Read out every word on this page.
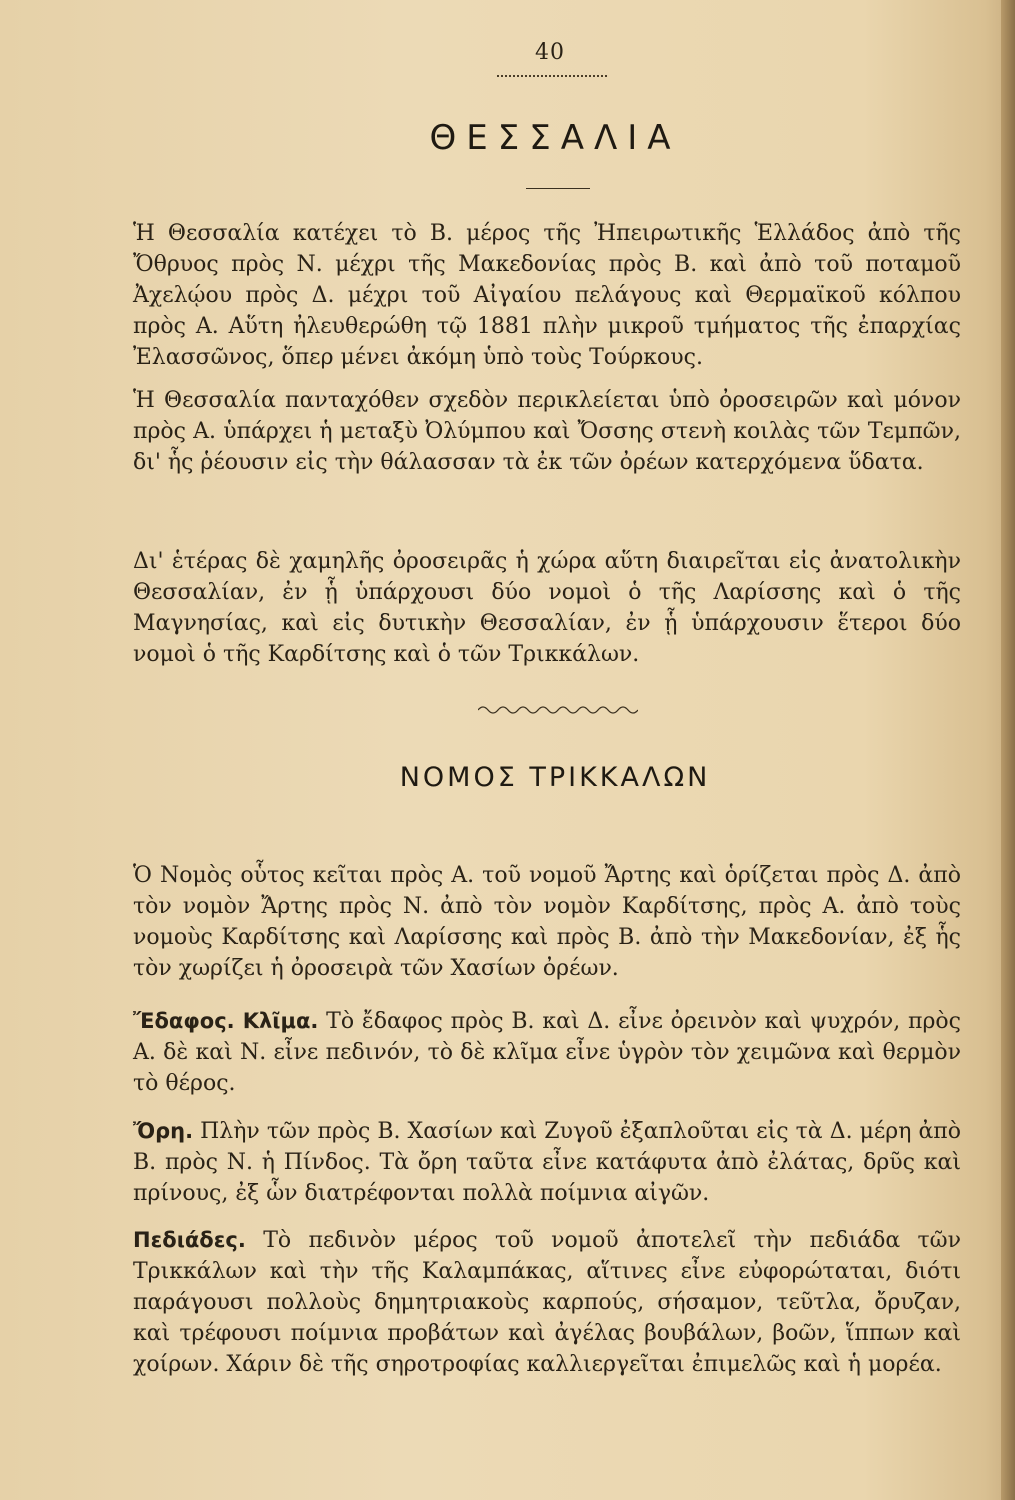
40
ΘΕΣΣΑΛΙΑ

Ἡ Θεσσαλία κατέχει τὸ Β. μέρος τῆς Ἠπειρωτικῆς Ἑλλάδος ἀπὸ τῆς Ὄθρυος πρὸς Ν. μέχρι τῆς Μακεδονίας πρὸς Β. καὶ ἀπὸ τοῦ ποταμοῦ Ἀχελῴου πρὸς Δ. μέχρι τοῦ Αἰγαίου πελάγους καὶ Θερμαϊκοῦ κόλπου πρὸς Α. Αὕτη ἠλευθερώθη τῷ 1881 πλὴν μικροῦ τμήματος τῆς ἐπαρχίας Ἐλασσῶνος, ὅπερ μένει ἀκόμη ὑπὸ τοὺς Τούρκους.

Ἡ Θεσσαλία πανταχόθεν σχεδὸν περικλείεται ὑπὸ ὀροσειρῶν καὶ μόνον πρὸς Α. ὑπάρχει ἡ μεταξὺ Ὀλύμπου καὶ Ὄσσης στενὴ κοιλὰς τῶν Τεμπῶν, δι' ἧς ῥέουσιν εἰς τὴν θάλασσαν τὰ ἐκ τῶν ὀρέων κατερχόμενα ὕδατα.

Δι' ἑτέρας δὲ χαμηλῆς ὀροσειρᾶς ἡ χώρα αὕτη διαιρεῖται εἰς ἀνατολικὴν Θεσσαλίαν, ἐν ᾗ ὑπάρχουσι δύο νομοὶ ὁ τῆς Λαρίσσης καὶ ὁ τῆς Μαγνησίας, καὶ εἰς δυτικὴν Θεσσαλίαν, ἐν ᾗ ὑπάρχουσιν ἕτεροι δύο νομοὶ ὁ τῆς Καρδίτσης καὶ ὁ τῶν Τρικκάλων.

ΝΟΜΟΣ ΤΡΙΚΚΑΛΩΝ

Ὁ Νομὸς οὗτος κεῖται πρὸς Α. τοῦ νομοῦ Ἄρτης καὶ ὁρίζεται πρὸς Δ. ἀπὸ τὸν νομὸν Ἄρτης πρὸς Ν. ἀπὸ τὸν νομὸν Καρδίτσης, πρὸς Α. ἀπὸ τοὺς νομοὺς Καρδίτσης καὶ Λαρίσσης καὶ πρὸς Β. ἀπὸ τὴν Μακεδονίαν, ἐξ ἧς τὸν χωρίζει ἡ ὀροσειρὰ τῶν Χασίων ὀρέων.

Ἔδαφος. Κλῖμα. Τὸ ἔδαφος πρὸς Β. καὶ Δ. εἶνε ὀρεινὸν καὶ ψυχρόν, πρὸς Α. δὲ καὶ Ν. εἶνε πεδινόν, τὸ δὲ κλῖμα εἶνε ὑγρὸν τὸν χειμῶνα καὶ θερμὸν τὸ θέρος.

Ὄρη. Πλὴν τῶν πρὸς Β. Χασίων καὶ Ζυγοῦ ἐξαπλοῦται εἰς τὰ Δ. μέρη ἀπὸ Β. πρὸς Ν. ἡ Πίνδος. Τὰ ὄρη ταῦτα εἶνε κατάφυτα ἀπὸ ἐλάτας, δρῦς καὶ πρίνους, ἐξ ὧν διατρέφονται πολλὰ ποίμνια αἰγῶν.

Πεδιάδες. Τὸ πεδινὸν μέρος τοῦ νομοῦ ἀποτελεῖ τὴν πεδιάδα τῶν Τρικκάλων καὶ τὴν τῆς Καλαμπάκας, αἵτινες εἶνε εὐφορώταται, διότι παράγουσι πολλοὺς δημητριακοὺς καρπούς, σήσαμον, τεῦτλα, ὄρυζαν, καὶ τρέφουσι ποίμνια προβάτων καὶ ἀγέλας βουβάλων, βοῶν, ἵππων καὶ χοίρων. Χάριν δὲ τῆς σηροτροφίας καλλιεργεῖται ἐπιμελῶς καὶ ἡ μορέα.
